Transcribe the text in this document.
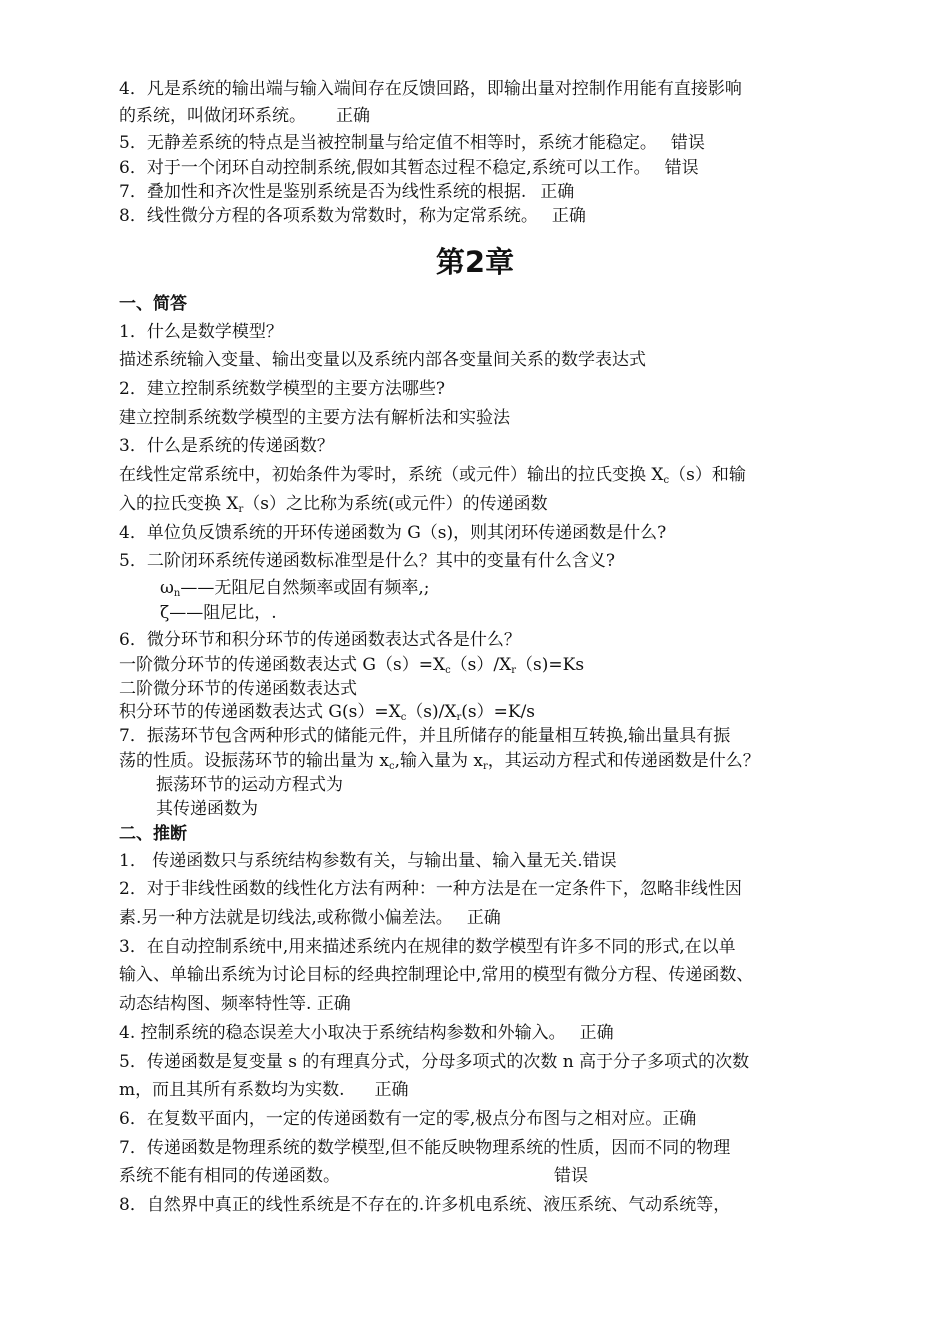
4．凡是系统的输出端与输入端间存在反馈回路，即输出量对控制作用能有直接影响
的系统，叫做闭环系统。 正确
5．无静差系统的特点是当被控制量与给定值不相等时，系统才能稳定。 错误
6．对于一个闭环自动控制系统,假如其暂态过程不稳定,系统可以工作。 错误
7．叠加性和齐次性是鉴别系统是否为线性系统的根据. 正确
8．线性微分方程的各项系数为常数时，称为定常系统。 正确
第2章
一、简答
1．什么是数学模型？
描述系统输入变量、输出变量以及系统内部各变量间关系的数学表达式
2．建立控制系统数学模型的主要方法哪些?
建立控制系统数学模型的主要方法有解析法和实验法
3．什么是系统的传递函数？
在线性定常系统中，初始条件为零时，系统（或元件）输出的拉氏变换 $X_c(s)$和输
入的拉氏变换 $X_r(s)$之比称为系统(或元件）的传递函数
4．单位负反馈系统的开环传递函数为 G（s)，则其闭环传递函数是什么?
5．二阶闭环系统传递函数标准型是什么？其中的变量有什么含义?
$\omega_n——$无阻尼自然频率或固有频率,;
ζ——阻尼比，.
6．微分环节和积分环节的传递函数表达式各是什么？
一阶微分环节的传递函数表达式 $G(s)=X_c(s)/X_r(s)=Ks$
二阶微分环节的传递函数表达式
积分环节的传递函数表达式 $G(s)=X_c(s)/X_r(s)=K/s$
7．振荡环节包含两种形式的储能元件，并且所储存的能量相互转换,输出量具有振
荡的性质。设振荡环节的输出量为 $x_c$,输入量为 $x_r$，其运动方程式和传递函数是什么？
振荡环节的运动方程式为
其传递函数为
二、推断
1． 传递函数只与系统结构参数有关，与输出量、输入量无关.错误
2．对于非线性函数的线性化方法有两种：一种方法是在一定条件下，忽略非线性因
素.另一种方法就是切线法,或称微小偏差法。 正确
3．在自动控制系统中,用来描述系统内在规律的数学模型有许多不同的形式,在以单
输入、单输出系统为讨论目标的经典控制理论中,常用的模型有微分方程、传递函数、
动态结构图、频率特性等. 正确
4. 控制系统的稳态误差大小取决于系统结构参数和外输入。 正确
5．传递函数是复变量 s 的有理真分式，分母多项式的次数 n 高于分子多项式的次数
m，而且其所有系数均为实数. 正确
6．在复数平面内，一定的传递函数有一定的零,极点分布图与之相对应。正确
7．传递函数是物理系统的数学模型,但不能反映物理系统的性质，因而不同的物理
系统不能有相同的传递函数。	错误
8．自然界中真正的线性系统是不存在的.许多机电系统、液压系统、气动系统等，
